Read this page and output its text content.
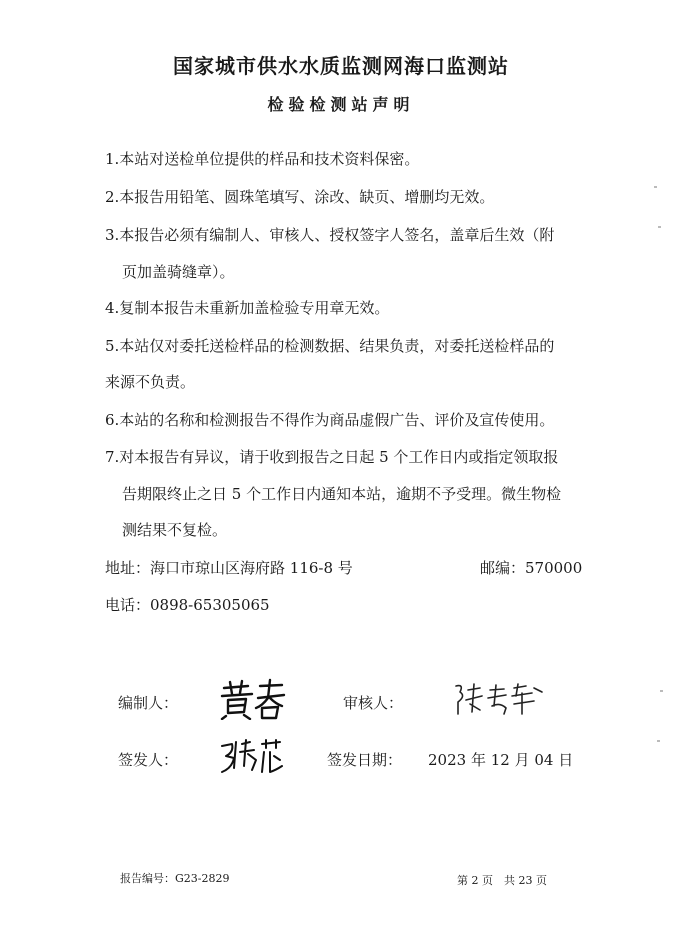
国家城市供水水质监测网海口监测站
检验检测站声明
1.本站对送检单位提供的样品和技术资料保密。
2.本报告用铅笔、圆珠笔填写、涂改、缺页、增删均无效。
3.本报告必须有编制人、审核人、授权签字人签名，盖章后生效（附
页加盖骑缝章）。
4.复制本报告未重新加盖检验专用章无效。
5.本站仅对委托送检样品的检测数据、结果负责，对委托送检样品的
来源不负责。
6.本站的名称和检测报告不得作为商品虚假广告、评价及宣传使用。
7.对本报告有异议，请于收到报告之日起 5 个工作日内或指定领取报
告期限终止之日 5 个工作日内通知本站，逾期不予受理。微生物检
测结果不复检。
地址：海口市琼山区海府路 116-8 号	邮编：570000
电话：0898-65305065
编制人：	审核人：
签发人：	签发日期： 2023 年 12 月 04 日
报告编号：G23-2829	第 2 页　共 23 页
